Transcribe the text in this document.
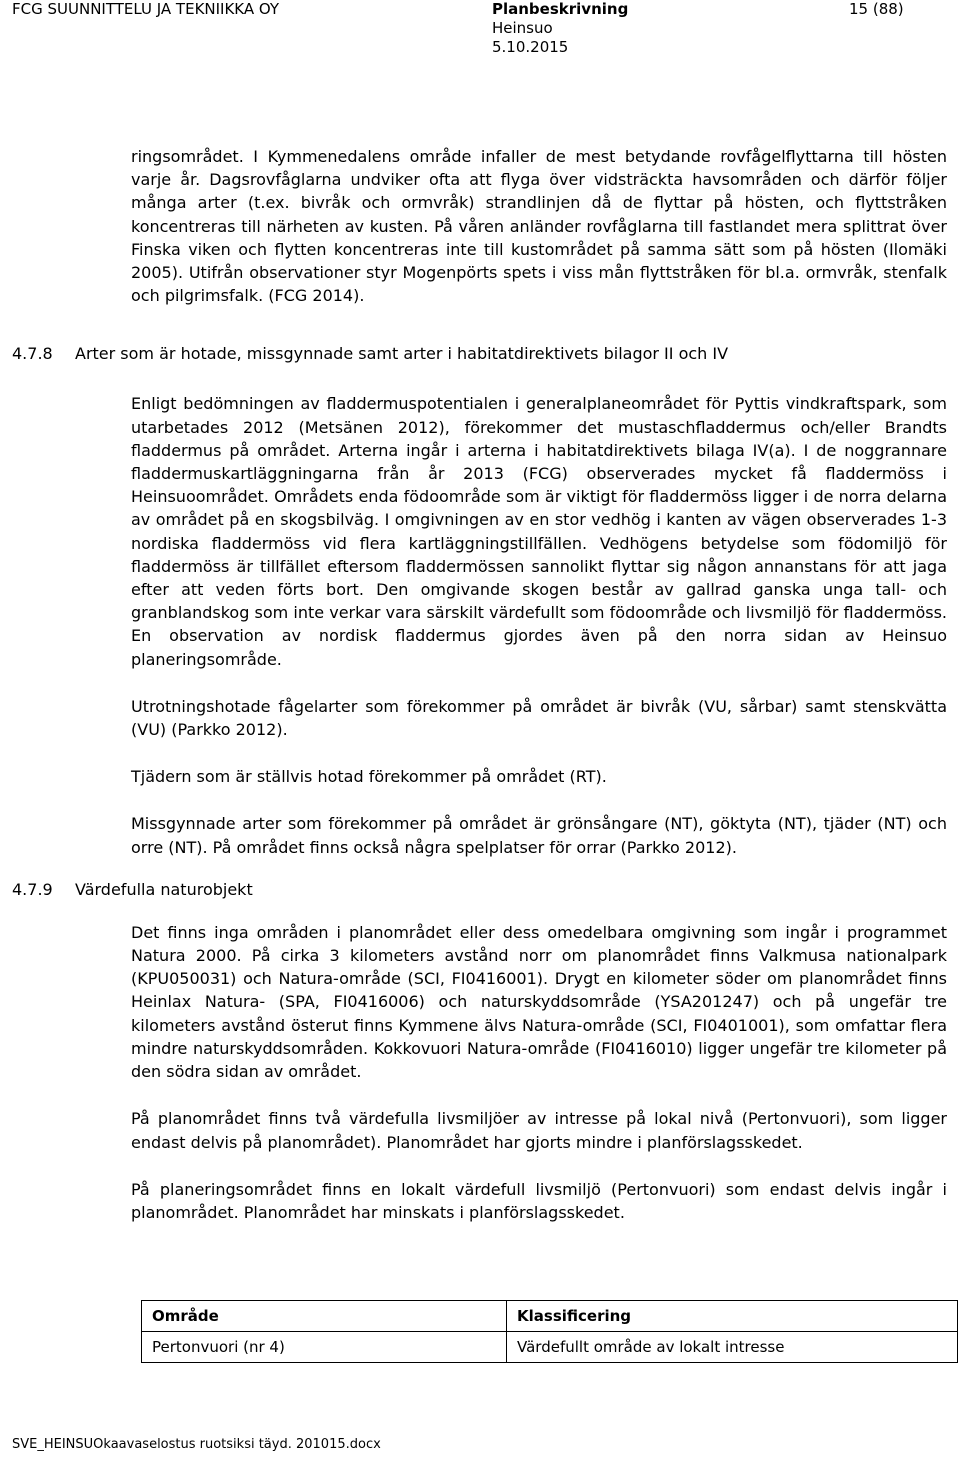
FCG SUUNNITTELU JA TEKNIIKKA OY	Planbeskrivning
Heinsuo
5.10.2015
15 (88)

ringsområdet. I Kymmenedalens område infaller de mest betydande rovfågelflyttarna till hösten varje år. Dagsrovfåglarna undviker ofta att flyga över vidsträckta havsområden och därför följer många arter (t.ex. bivråk och ormvråk) strandlinjen då de flyttar på hösten, och flyttstråken koncentreras till närheten av kusten. På våren anländer rovfåglarna till fastlandet mera splittrat över Finska viken och flytten koncentreras inte till kustområdet på samma sätt som på hösten (Ilomäki 2005). Utifrån observationer styr Mogenpörts spets i viss mån flyttstråken för bl.a. ormvråk, stenfalk och pilgrimsfalk. (FCG 2014).

Enligt bedömningen av fladdermuspotentialen i generalplaneområdet för Pyttis vindkraftspark, som utarbetades 2012 (Metsänen 2012), förekommer det mustaschfladdermus och/eller Brandts fladdermus på området. Arterna ingår i arterna i habitatdirektivets bilaga IV(a). I de noggrannare fladdermuskartläggningarna från år 2013 (FCG) observerades mycket få fladdermöss i Heinsuoområdet. Områdets enda födoområde som är viktigt för fladdermöss ligger i de norra delarna av området på en skogsbilväg. I omgivningen av en stor vedhög i kanten av vägen observerades 1-3 nordiska fladdermöss vid flera kartläggningstillfällen. Vedhögens betydelse som födomiljö för fladdermöss är tillfället eftersom fladdermössen sannolikt flyttar sig någon annanstans för att jaga efter att veden förts bort. Den omgivande skogen består av gallrad ganska unga tall- och granblandskog som inte verkar vara särskilt värdefullt som födoområde och livsmiljö för fladdermöss. En observation av nordisk fladdermus gjordes även på den norra sidan av Heinsuo planeringsområde.

Utrotningshotade fågelarter som förekommer på området är bivråk (VU, sårbar) samt stenskvätta (VU) (Parkko 2012).

Tjädern som är ställvis hotad förekommer på området (RT).

Missgynnade arter som förekommer på området är grönsångare (NT), göktyta (NT), tjäder (NT) och orre (NT). På området finns också några spelplatser för orrar (Parkko 2012).

Det finns inga områden i planområdet eller dess omedelbara omgivning som ingår i programmet Natura 2000. På cirka 3 kilometers avstånd norr om planområdet finns Valkmusa nationalpark (KPU050031) och Natura-område (SCI, FI0416001). Drygt en kilometer söder om planområdet finns Heinlax Natura- (SPA, FI0416006) och naturskyddsområde (YSA201247) och på ungefär tre kilometers avstånd österut finns Kymmene älvs Natura-område (SCI, FI0401001), som omfattar flera mindre naturskyddsområden. Kokkovuori Natura-område (FI0416010) ligger ungefär tre kilometer på den södra sidan av området.

På planområdet finns två värdefulla livsmiljöer av intresse på lokal nivå (Pertonvuori), som ligger endast delvis på planområdet). Planområdet har gjorts mindre i planförslagsskedet.

På planeringsområdet finns en lokalt värdefull livsmiljö (Pertonvuori) som endast delvis ingår i planområdet. Planområdet har minskats i planförslagsskedet.

4.7.8 Arter som är hotade, missgynnade samt arter i habitatdirektivets bilagor II och IV
4.7.9 Värdefulla naturobjekt
Område	Klassificering
Pertonvuori (nr 4)	Värdefullt område av lokalt intresse
SVE_HEINSUOkaavaselostus ruotsiksi täyd. 201015.docx
